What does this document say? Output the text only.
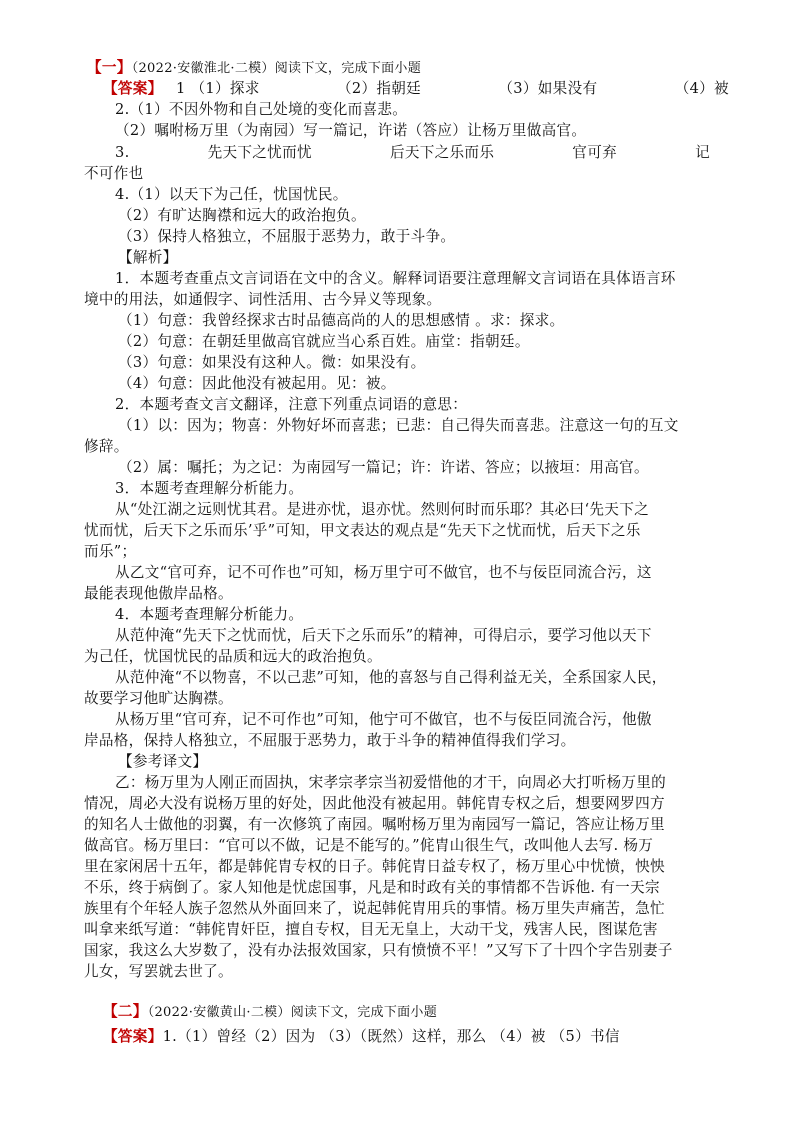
【一】（2022·安徽淮北·二模）阅读下文，完成下面小题
【答案】 1 （1）探求	（2）指朝廷	（3）如果没有	（4）被
2.（1）不因外物和自己处境的变化而喜悲。
（2）嘱咐杨万里（为南园）写一篇记，许诺（答应）让杨万里做高官。
3.	先天下之忧而忧	后天下之乐而乐	官可弃	记
不可作也
4.（1）以天下为己任，忧国忧民。
（2）有旷达胸襟和远大的政治抱负。
（3）保持人格独立，不屈服于恶势力，敢于斗争。
【解析】
1．本题考查重点文言词语在文中的含义。解释词语要注意理解文言词语在具体语言环
境中的用法，如通假字、词性活用、古今异义等现象。
（1）句意：我曾经探求古时品德高尚的人的思想感情 。求：探求。
（2）句意：在朝廷里做高官就应当心系百姓。庙堂：指朝廷。
（3）句意：如果没有这种人。微：如果没有。
（4）句意：因此他没有被起用。见：被。
2．本题考查文言文翻译，注意下列重点词语的意思：
（1）以：因为；物喜：外物好坏而喜悲；已悲：自己得失而喜悲。注意这一句的互文
修辞。
（2）属：嘱托；为之记：为南园写一篇记；许：许诺、答应；以掖垣：用高官。
3．本题考查理解分析能力。
从“处江湖之远则忧其君。是进亦忧，退亦忧。然则何时而乐耶？其必曰‘先天下之
忧而忧，后天下之乐而乐’乎”可知，甲文表达的观点是“先天下之忧而忧，后天下之乐
而乐”；
从乙文“官可弃，记不可作也”可知，杨万里宁可不做官，也不与佞臣同流合污，这
最能表现他傲岸品格。
4．本题考查理解分析能力。
从范仲淹“先天下之忧而忧，后天下之乐而乐”的精神，可得启示，要学习他以天下
为己任，忧国忧民的品质和远大的政治抱负。
从范仲淹“不以物喜，不以己悲”可知，他的喜怒与自己得利益无关，全系国家人民，
故要学习他旷达胸襟。
从杨万里“官可弃，记不可作也”可知，他宁可不做官，也不与佞臣同流合污，他傲
岸品格，保持人格独立，不屈服于恶势力，敢于斗争的精神值得我们学习。
【参考译文】
乙：杨万里为人刚正而固执，宋孝宗孝宗当初爱惜他的才干，向周必大打听杨万里的
情况，周必大没有说杨万里的好处，因此他没有被起用。韩侂胄专权之后，想要网罗四方
的知名人士做他的羽翼，有一次修筑了南园。嘱咐杨万里为南园写一篇记，答应让杨万里
做高官。杨万里曰：“官可以不做，记是不能写的。”侂胄山很生气，改叫他人去写. 杨万
里在家闲居十五年，都是韩侂胄专权的日子。韩侂胄日益专权了，杨万里心中忧愤，怏怏
不乐，终于病倒了。家人知他是忧虑国事，凡是和时政有关的事情都不告诉他. 有一天宗
族里有个年轻人族子忽然从外面回来了，说起韩侂胄用兵的事情。杨万里失声痛苦，急忙
叫拿来纸写道：“韩侂胄奸臣，擅自专权，目无无皇上，大动干戈，残害人民，图谋危害
国家，我这么大岁数了，没有办法报效国家，只有愤愤不平！”又写下了十四个字告别妻子
儿女，写罢就去世了。
【二】（2022·安徽黄山·二模）阅读下文，完成下面小题
【答案】1.（1）曾经（2）因为 （3）（既然）这样，那么 （4）被 （5）书信
